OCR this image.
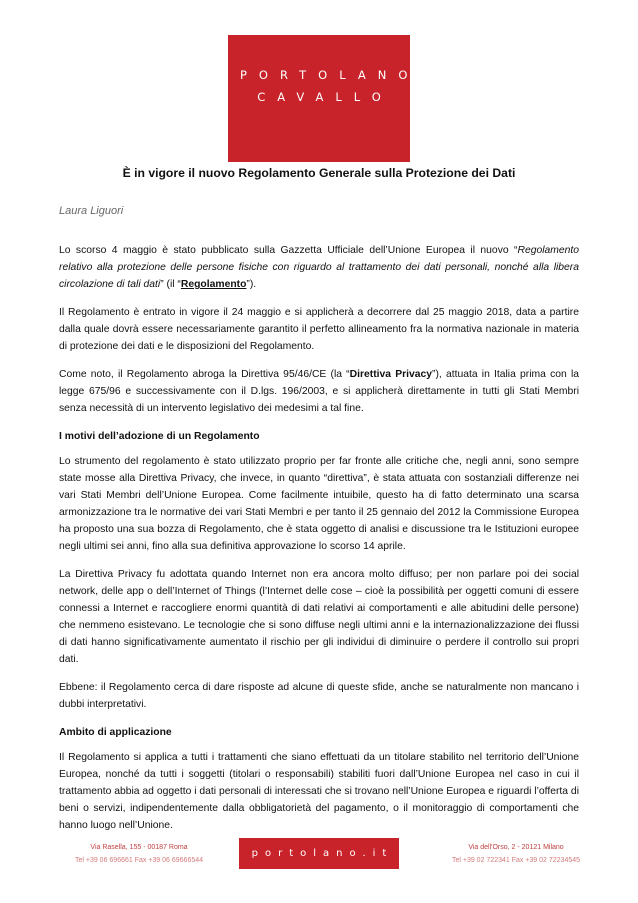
PORTOLANO
CAVALLO
È in vigore il nuovo Regolamento Generale sulla Protezione dei Dati
Laura Liguori

Lo scorso 4 maggio è stato pubblicato sulla Gazzetta Ufficiale dell’Unione Europea il nuovo “Regolamento relativo alla protezione delle persone fisiche con riguardo al trattamento dei dati personali, nonché alla libera circolazione di tali dati” (il “Regolamento”).

Il Regolamento è entrato in vigore il 24 maggio e si applicherà a decorrere dal 25 maggio 2018, data a partire dalla quale dovrà essere necessariamente garantito il perfetto allineamento fra la normativa nazionale in materia di protezione dei dati e le disposizioni del Regolamento.

Come noto, il Regolamento abroga la Direttiva 95/46/CE (la “Direttiva Privacy”), attuata in Italia prima con la legge 675/96 e successivamente con il D.lgs. 196/2003, e si applicherà direttamente in tutti gli Stati Membri senza necessità di un intervento legislativo dei medesimi a tal fine.

I motivi dell’adozione di un Regolamento

Lo strumento del regolamento è stato utilizzato proprio per far fronte alle critiche che, negli anni, sono sempre state mosse alla Direttiva Privacy, che invece, in quanto “direttiva”, è stata attuata con sostanziali differenze nei vari Stati Membri dell’Unione Europea. Come facilmente intuibile, questo ha di fatto determinato una scarsa armonizzazione tra le normative dei vari Stati Membri e per tanto il 25 gennaio del 2012 la Commissione Europea ha proposto una sua bozza di Regolamento, che è stata oggetto di analisi e discussione tra le Istituzioni europee negli ultimi sei anni, fino alla sua definitiva approvazione lo scorso 14 aprile.

La Direttiva Privacy fu adottata quando Internet non era ancora molto diffuso; per non parlare poi dei social network, delle app o dell’Internet of Things (l’Internet delle cose – cioè la possibilità per oggetti comuni di essere connessi a Internet e raccogliere enormi quantità di dati relativi ai comportamenti e alle abitudini delle persone) che nemmeno esistevano. Le tecnologie che si sono diffuse negli ultimi anni e la internazionalizzazione dei flussi di dati hanno significativamente aumentato il rischio per gli individui di diminuire o perdere il controllo sui propri dati.

Ebbene: il Regolamento cerca di dare risposte ad alcune di queste sfide, anche se naturalmente non mancano i dubbi interpretativi.

Ambito di applicazione

Il Regolamento si applica a tutti i trattamenti che siano effettuati da un titolare stabilito nel territorio dell’Unione Europea, nonché da tutti i soggetti (titolari o responsabili) stabiliti fuori dall’Unione Europea nel caso in cui il trattamento abbia ad oggetto i dati personali di interessati che si trovano nell’Unione Europea e riguardi l’offerta di beni o servizi, indipendentemente dalla obbligatorietà del pagamento, o il monitoraggio di comportamenti che hanno luogo nell’Unione.

Via Rasella, 155 - 00187 Roma
Tel +39 06 696661 Fax +39 06 69666544
portolano.it
Via dell'Orso, 2 - 20121 Milano
Tel +39 02 722341 Fax +39 02 72234545
